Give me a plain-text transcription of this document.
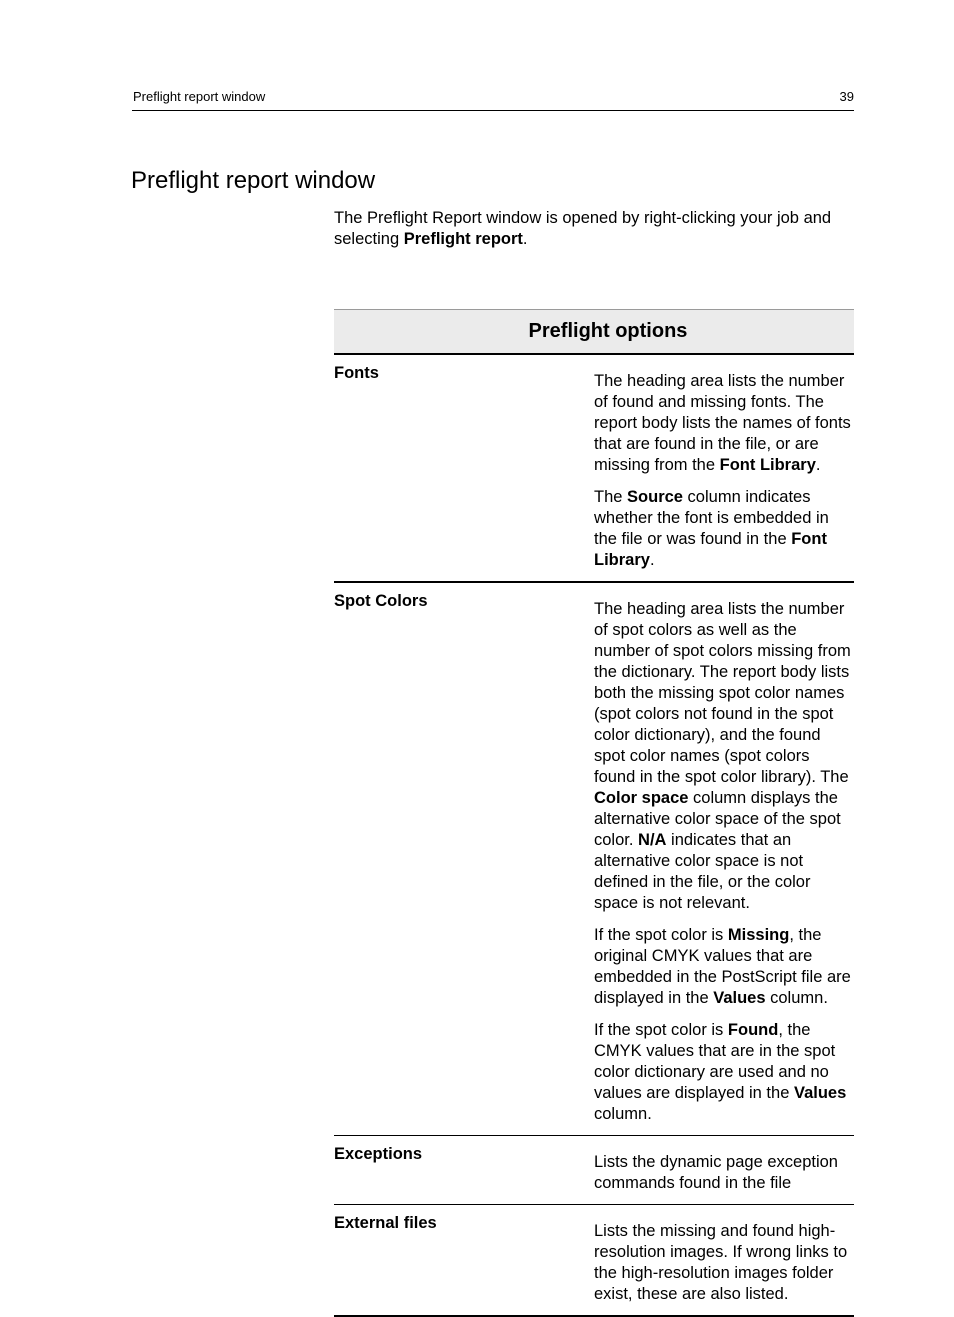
Preflight report window	39
Preflight report window

The Preflight Report window is opened by right-clicking your job and selecting Preflight report.

Preflight options	
Fonts	The heading area lists the number of found and missing fonts. The report body lists the names of fonts that are found in the file, or are missing from the Font Library.

The Source column indicates whether the font is embedded in the file or was found in the Font Library.

Spot Colors	The heading area lists the number of spot colors as well as the number of spot colors missing from the dictionary. The report body lists both the missing spot color names (spot colors not found in the spot color dictionary), and the found spot color names (spot colors found in the spot color library). The Color space column displays the alternative color space of the spot color. N/A indicates that an alternative color space is not defined in the file, or the color space is not relevant.

If the spot color is Missing, the original CMYK values that are embedded in the PostScript file are displayed in the Values column.

If the spot color is Found, the CMYK values that are in the spot color dictionary are used and no values are displayed in the Values column.

Exceptions	Lists the dynamic page exception commands found in the file

External files	Lists the missing and found high-resolution images. If wrong links to the high-resolution images folder exist, these are also listed.
